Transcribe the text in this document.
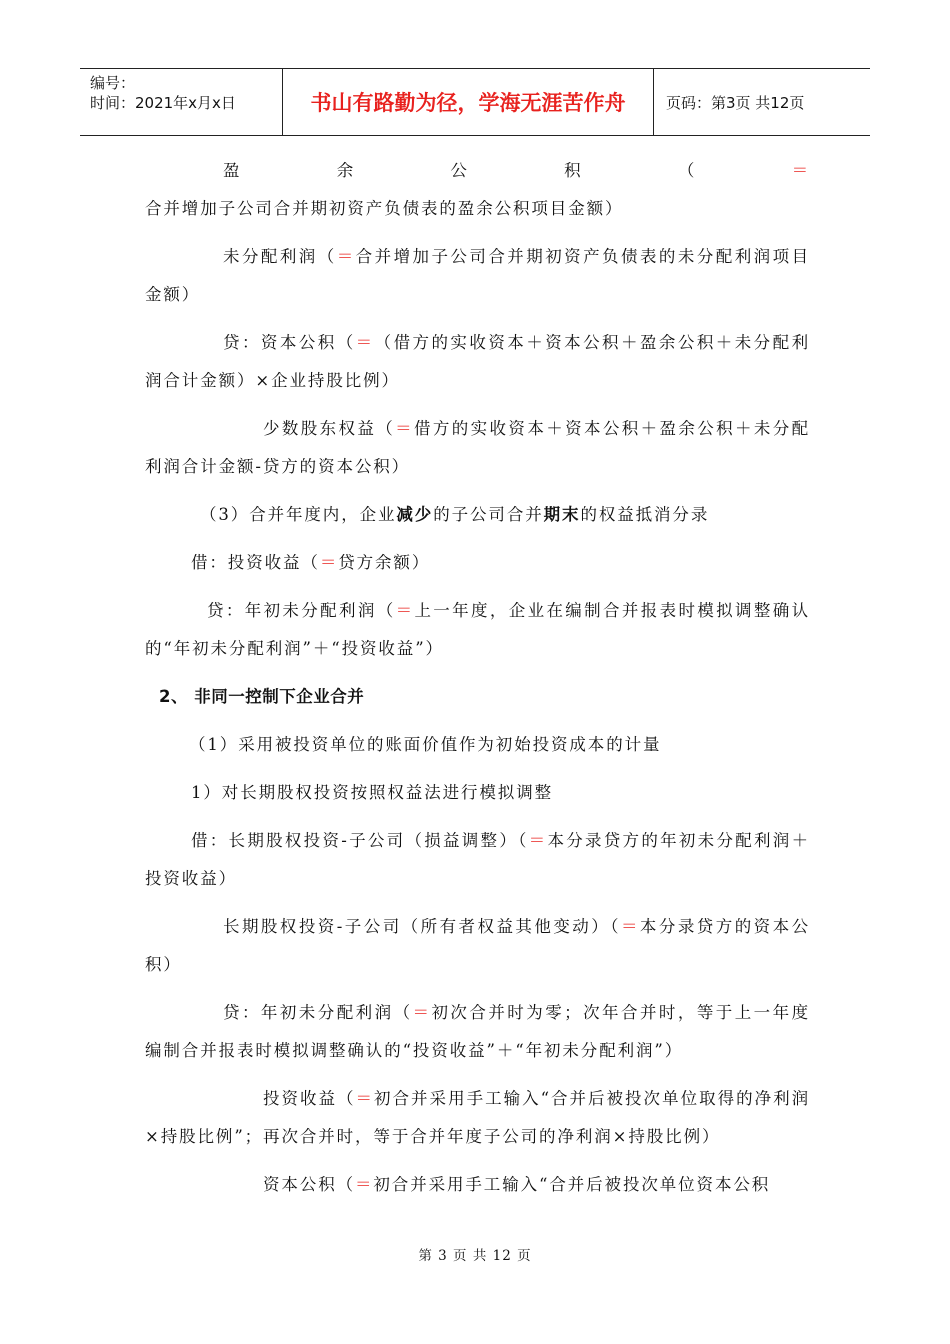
编号：
时间：2021年x月x日	书山有路勤为径，学海无涯苦作舟	页码：第3页 共12页

盈余公积（＝合并增加子公司合并期初资产负债表的盈余公积项目金额）

未分配利润（＝合并增加子公司合并期初资产负债表的未分配利润项目金额）

贷：资本公积（＝（借方的实收资本＋资本公积＋盈余公积＋未分配利润合计金额）×企业持股比例）

少数股东权益（＝借方的实收资本＋资本公积＋盈余公积＋未分配利润合计金额-贷方的资本公积）

（3）合并年度内，企业减少的子公司合并期末的权益抵消分录

借：投资收益（＝贷方余额）

贷：年初未分配利润（＝上一年度，企业在编制合并报表时模拟调整确认的“年初未分配利润”＋“投资收益”）

2、 非同一控制下企业合并

（1）采用被投资单位的账面价值作为初始投资成本的计量

1）对长期股权投资按照权益法进行模拟调整

借：长期股权投资-子公司（损益调整）（＝本分录贷方的年初未分配利润＋投资收益）

长期股权投资-子公司（所有者权益其他变动）（＝本分录贷方的资本公积）

贷：年初未分配利润（＝初次合并时为零；次年合并时，等于上一年度编制合并报表时模拟调整确认的“投资收益”＋“年初未分配利润”）

投资收益（＝初合并采用手工输入“合并后被投次单位取得的净利润×持股比例”；再次合并时，等于合并年度子公司的净利润×持股比例）

资本公积（＝初合并采用手工输入“合并后被投次单位资本公积

第 3 页 共 12 页
